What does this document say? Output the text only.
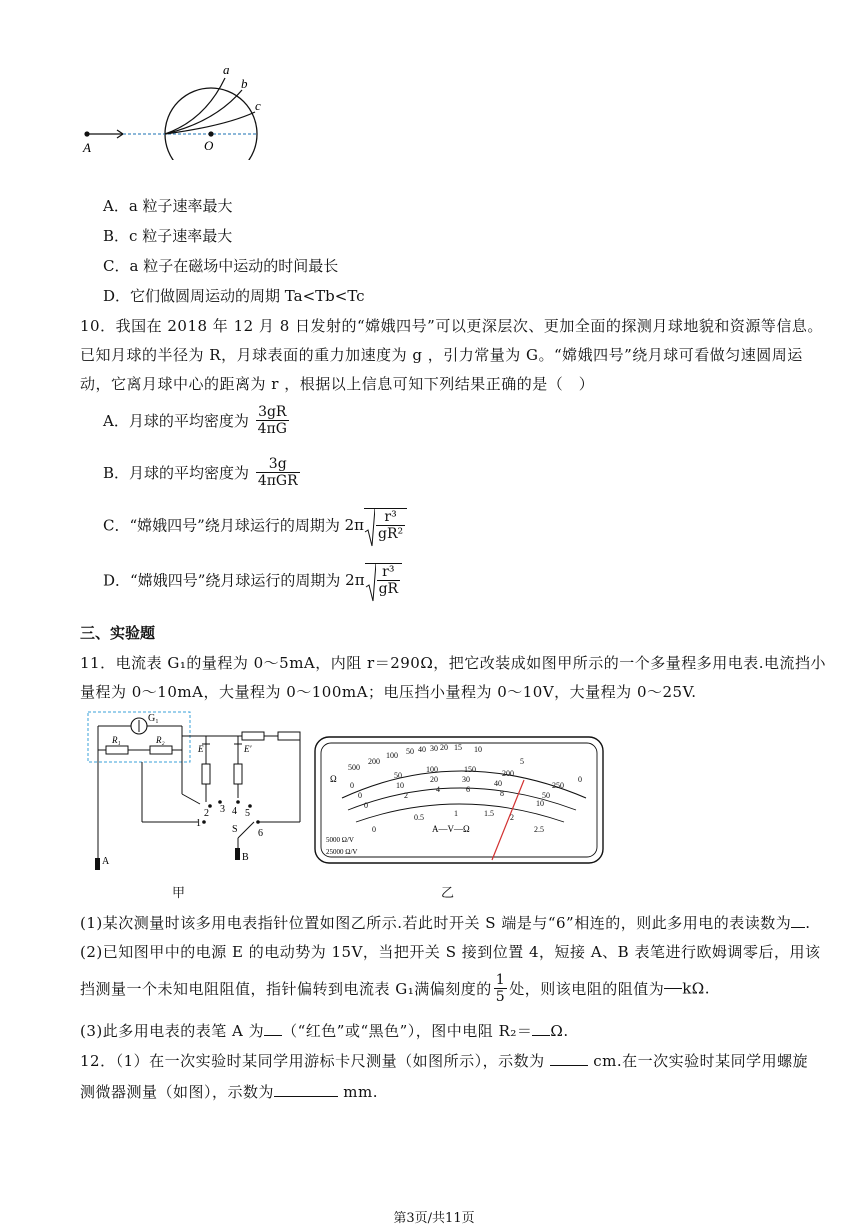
a
b
c
A	O
A．a 粒子速率最大
B．c 粒子速率最大
C．a 粒子在磁场中运动的时间最长
D．它们做圆周运动的周期 Ta<Tb<Tc
10．我国在 2018 年 12 月 8 日发射的“嫦娥四号”可以更深层次、更加全面的探测月球地貌和资源等信息。
已知月球的半径为 R，月球表面的重力加速度为 g ，引力常量为 G。“嫦娥四号”绕月球可看做匀速圆周运
动，它离月球中心的距离为 r ，根据以上信息可知下列结果正确的是（　）
A．月球的平均密度为 $\frac{3gR}{4\pi G}$
B．月球的平均密度为 $\frac{3g}{\text{4πGR}}$
C．“嫦娥四号”绕月球运行的周期为 $2\pi \frac{\text{r³}}{\text{gR²}}$
D．“嫦娥四号”绕月球运行的周期为 $2\pi \frac{\text{r³}}{gR}$
三、实验题
11．电流表 G₁的量程为 0～5mA，内阻 r＝290Ω，把它改装成如图甲所示的一个多量程多用电表.电流挡小
量程为 0～10mA，大量程为 0～100mA；电压挡小量程为 0～10V，大量程为 0～25V.
G₁
R₁	R₂
E	E′
2 3 4 5
1
6
S
A	B
甲
500
200
100 50 40 30 20 15 10
5
0
0
50
100	150	200
250
0
10
20	30	40
50
0
2
4	6	8
10
0
0.5	1	1.5 2
2.5
Ω
A—V—Ω
5000 Ω/V
25000 Ω/V
乙
(1)某次测量时该多用电表指针位置如图乙所示.若此时开关 S 端是与“6”相连的，则此多用电的表读数为 .
(2)已知图甲中的电源 E 的电动势为 15V，当把开关 S 接到位置 4，短接 A、B 表笔进行欧姆调零后，用该
挡测量一个未知电阻阻值，指针偏转到电流表 G₁满偏刻度的 $\frac{1}{5}$ 处，则该电阻的阻值为 kΩ.
(3)此多用电表的表笔 A 为 （“红色”或“黑色”），图中电阻 R₂＝ Ω.
12．（1）在一次实验时某同学用游标卡尺测量（如图所示），示数为	cm.在一次实验时某同学用螺旋
测微器测量（如图），示数为	mm.
第3页/共11页
